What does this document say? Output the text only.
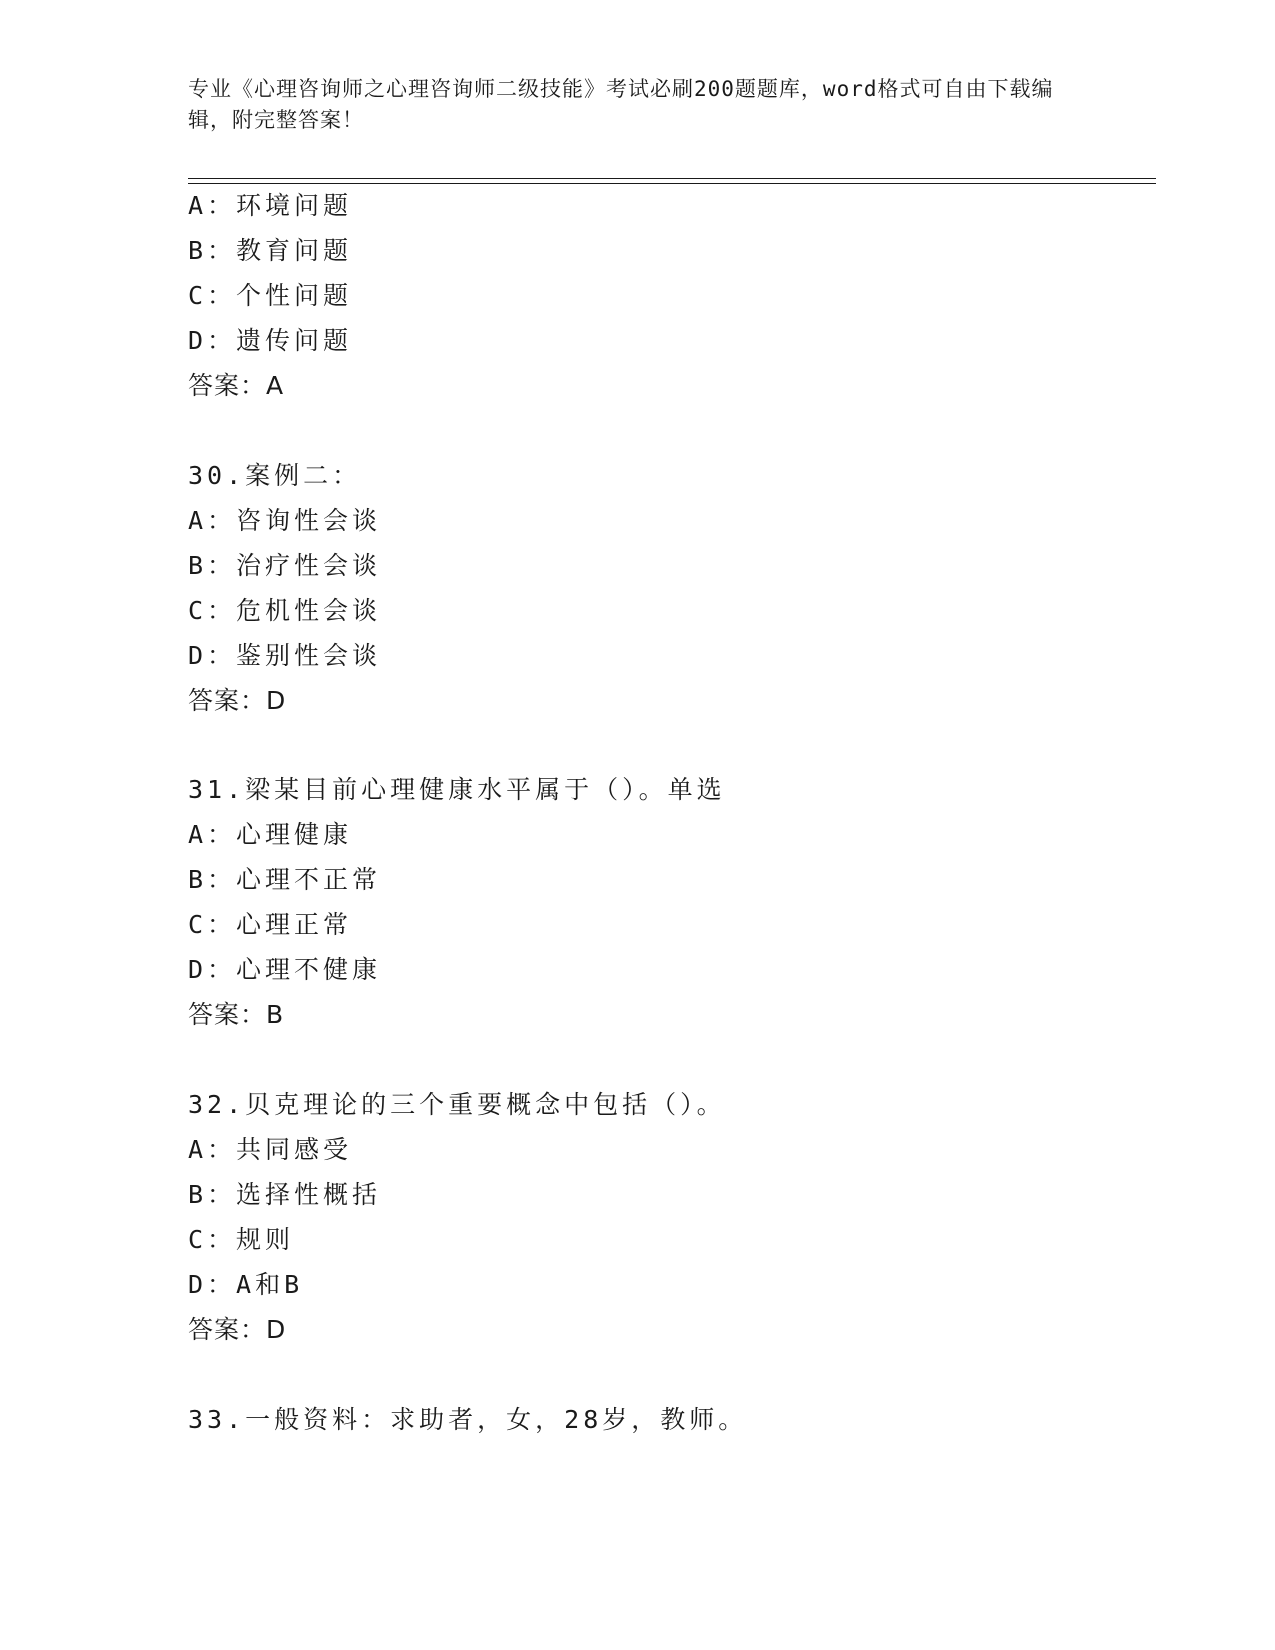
专业《心理咨询师之心理咨询师二级技能》考试必刷200题题库，word格式可自由下载编辑，附完整答案！
A：环境问题
B：教育问题
C：个性问题
D：遗传问题
答案：A
30.案例二：
A：咨询性会谈
B：治疗性会谈
C：危机性会谈
D：鉴别性会谈
答案：D
31.梁某目前心理健康水平属于（）。单选
A：心理健康
B：心理不正常
C：心理正常
D：心理不健康
答案：B
32.贝克理论的三个重要概念中包括（）。
A：共同感受
B：选择性概括
C：规则
D：A和B
答案：D
33.一般资料：求助者，女，28岁，教师。
